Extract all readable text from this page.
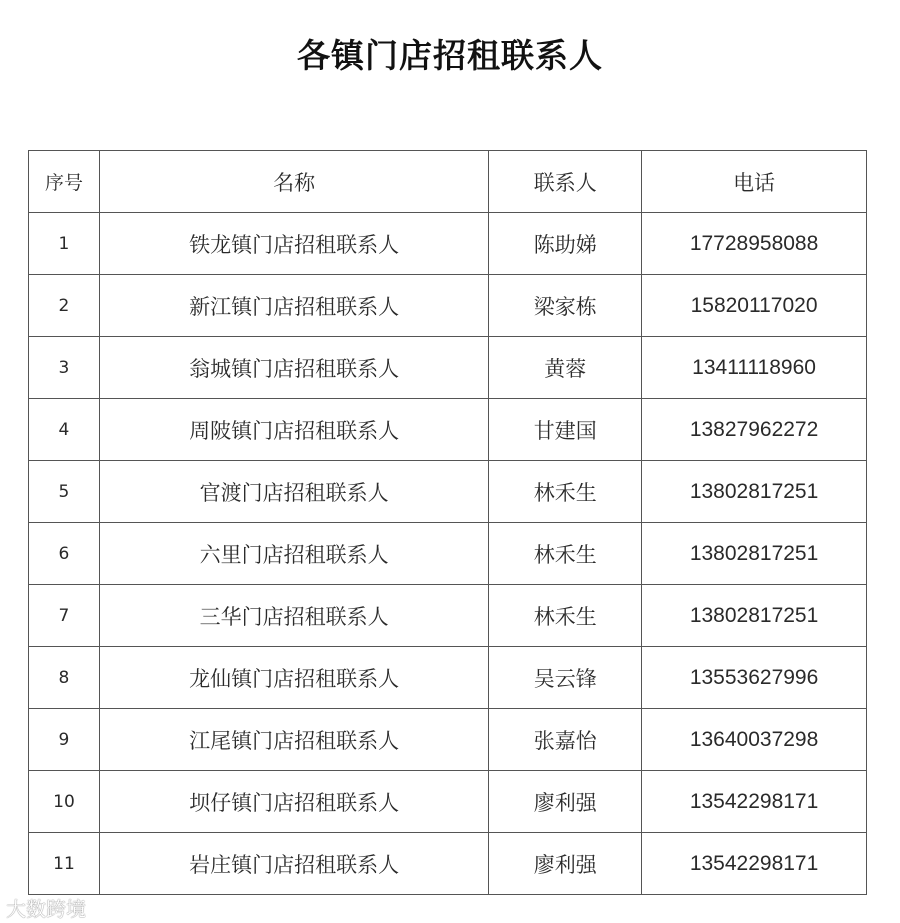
各镇门店招租联系人
序号	名称	联系人	电话
1	铁龙镇门店招租联系人	陈助娣	17728958088
2	新江镇门店招租联系人	梁家栋	15820117020
3	翁城镇门店招租联系人	黄蓉	13411118960
4	周陂镇门店招租联系人	甘建国	13827962272
5	官渡门店招租联系人	林禾生	13802817251
6	六里门店招租联系人	林禾生	13802817251
7	三华门店招租联系人	林禾生	13802817251
8	龙仙镇门店招租联系人	吴云锋	13553627996
9	江尾镇门店招租联系人	张嘉怡	13640037298
10	坝仔镇门店招租联系人	廖利强	13542298171
11	岩庄镇门店招租联系人	廖利强	13542298171
大数跨境
